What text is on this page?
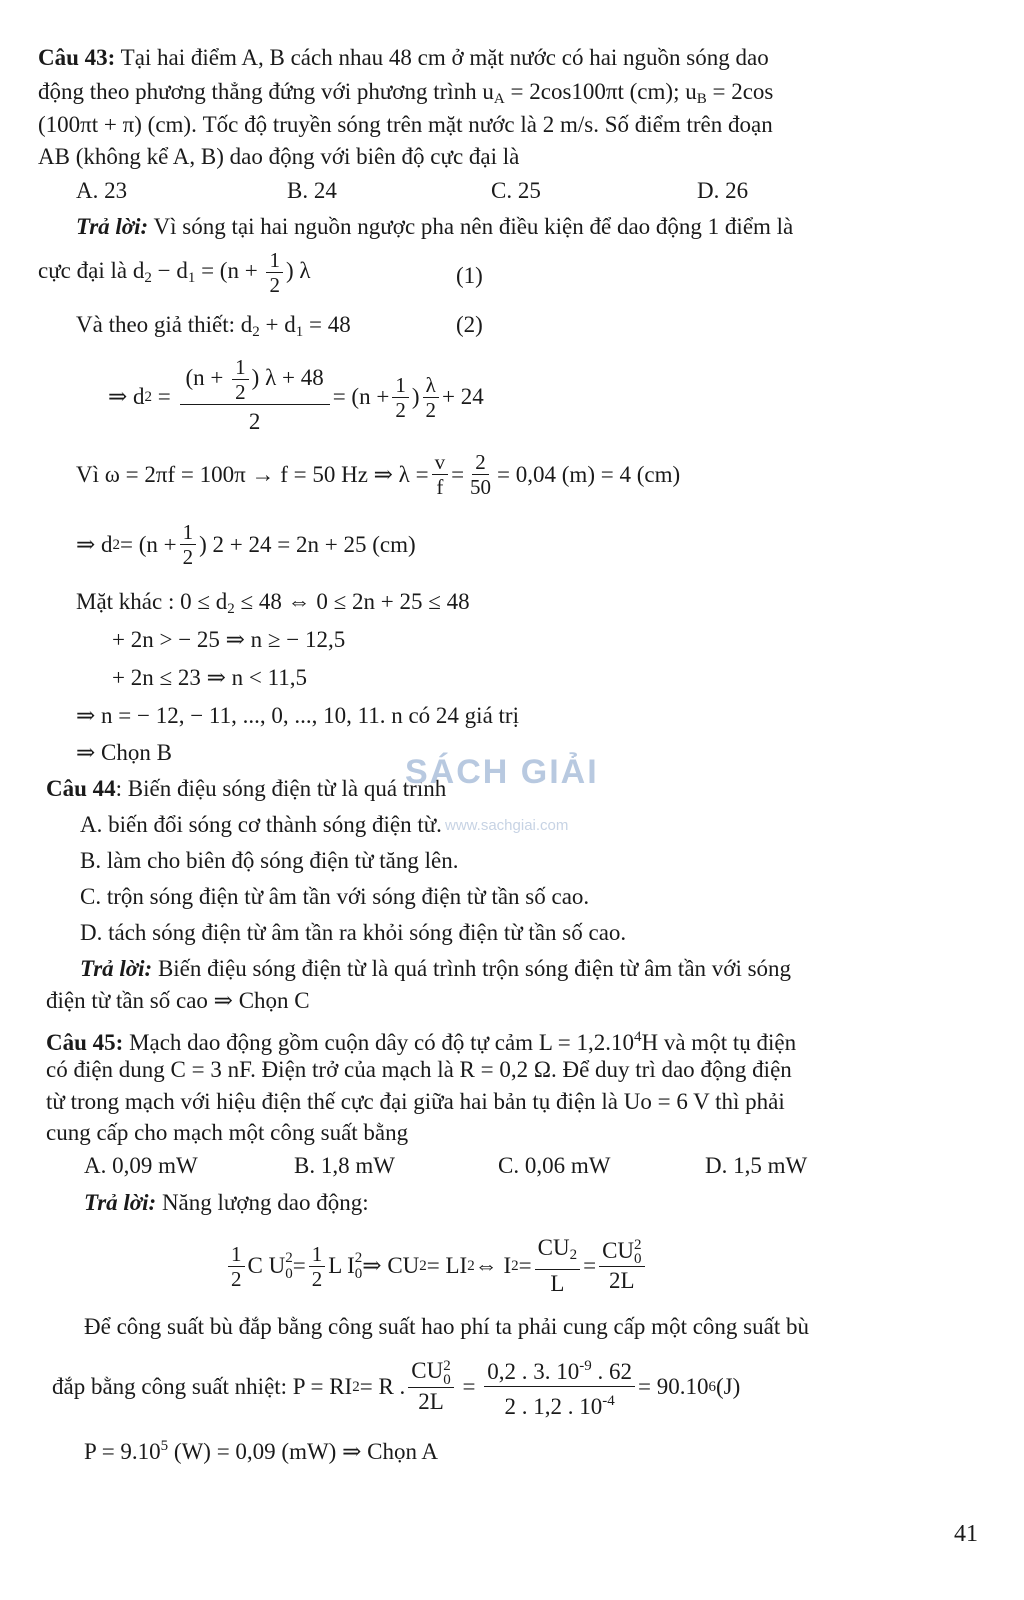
Câu 43: Tại hai điểm A, B cách nhau 48 cm ở mặt nước có hai nguồn sóng dao
động theo phương thẳng đứng với phương trình $u_A = 2\cos 100\pi t$ (cm); $u_B = 2\cos$
(100πt + π) (cm). Tốc độ truyền sóng trên mặt nước là 2 m/s. Số điểm trên đoạn
AB (không kể A, B) dao động với biên độ cực đại là
A. 23	B. 24	C. 25	D. 26
Trả lời: Vì sóng tại hai nguồn ngược pha nên điều kiện để dao động 1 điểm là
cực đại là $d_2 - d_1 = (n + \frac{1}{2}$ ) λ	(1)
Và theo giả thiết: $d_2 + d_1 = 48$	(2)
⇒ d $2 = \frac{(n + \frac{1}{2} ) \lambda + 48}{2} = (n + \frac{1}{2}$ ) $\frac{\lambda}{2} + 24$
Vì ω = 2πf = 100π → f = 50 Hz ⇒ $\lambda = \frac{v}{f} = \frac{2}{50} = 0,04$ (m) = 4 (cm)
⇒ d $2 = (n + \frac{1}{2}$ ) 2 + 24 = 2n + 25 (cm)
Mặt khác : $0 \le d_2 \le 48$ ⇔ 0 ≤ 2n + 25 ≤ 48
+ 2n > − 25 ⇒ n ≥ − 12,5
+ 2n ≤ 23 ⇒ n < 11,5
⇒ n = − 12, − 11, ..., 0, ..., 10, 11. n có 24 giá trị
⇒ Chọn B
Câu 44: Biến điệu sóng điện từ là quá trình
A. biến đổi sóng cơ thành sóng điện từ.
B. làm cho biên độ sóng điện từ tăng lên.
C. trộn sóng điện từ âm tần với sóng điện từ tần số cao.
D. tách sóng điện từ âm tần ra khỏi sóng điện từ tần số cao.
Trả lời: Biến điệu sóng điện từ là quá trình trộn sóng điện từ âm tần với sóng
điện từ tần số cao ⇒ Chọn C
Câu 45: Mạch dao động gồm cuộn dây có độ tự cảm $L = 1,2.10^4H$ và một tụ điện
có điện dung C = 3 nF. Điện trở của mạch là R = 0,2 Ω. Để duy trì dao động điện
từ trong mạch với hiệu điện thế cực đại giữa hai bản tụ điện là Uo = 6 V thì phải
cung cấp cho mạch một công suất bằng
A. 0,09 mW	B. 1,8 mW	C. 0,06 mW	D. 1,5 mW
Trả lời: Năng lượng dao động:
$\frac{1}{2}$ C U 2
$0 = \frac{1}{2}$ L I 2
0 ⇒ CU 2 = LI 2 ⇔ I $2 = \frac{CU_2}{L}$ = CU 2
0
2L
Để công suất bù đắp bằng công suất hao phí ta phải cung cấp một công suất bù
đắp bằng công suất nhiệt: P = RI 2 = R . CU 2
0
$2L = \frac{0,2 . 3. 10^{-9} . 62}{2 . 1,2 . 10^{-4}} = 90.10$ 6 (J)
$P = 9.10^5$ (W) = 0,09 (mW) ⇒ Chọn A
SÁCH GIẢI
www.sachgiai.com
41
